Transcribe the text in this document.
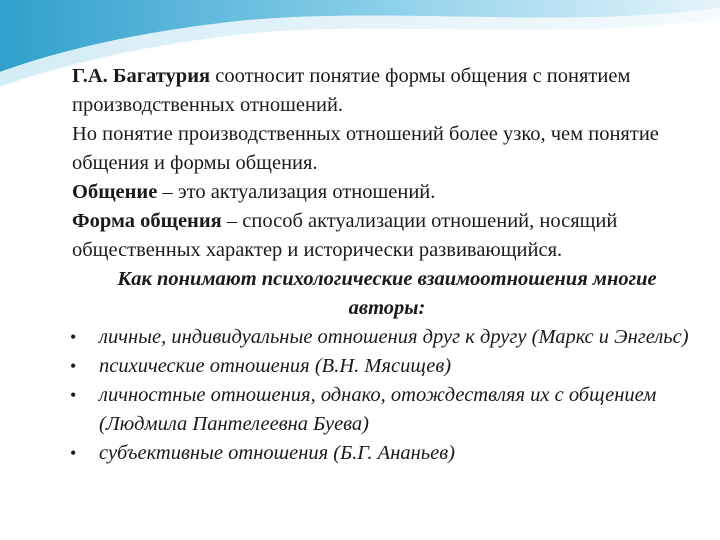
Г.А. Багатурия соотносит понятие формы общения с понятием производственных отношений.

Но понятие производственных отношений более узко, чем понятие общения и формы общения.

Общение – это актуализация отношений.

Форма общения – способ актуализации отношений, носящий общественных характер и исторически развивающийся.

Как понимают психологические взаимоотношения многие авторы:

• личные, индивидуальные отношения друг к другу (Маркс и Энгельс)
• психические отношения (В.Н. Мясищев)
• личностные отношения, однако, отождествляя их с общением (Людмила Пантелеевна Буева)
• субъективные отношения (Б.Г. Ананьев)
